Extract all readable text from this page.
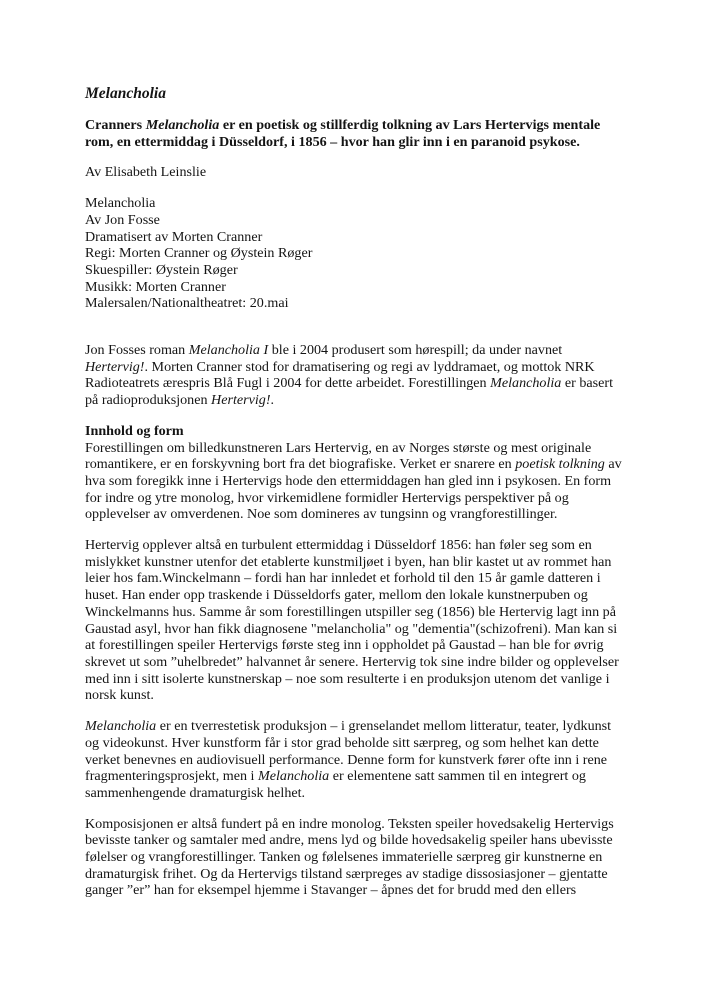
Melancholia

Cranners Melancholia er en poetisk og stillferdig tolkning av Lars Hertervigs mentale rom, en ettermiddag i Düsseldorf, i 1856 – hvor han glir inn i en paranoid psykose.

Av Elisabeth Leinslie

Melancholia
Av Jon Fosse
Dramatisert av Morten Cranner
Regi: Morten Cranner og Øystein Røger
Skuespiller: Øystein Røger
Musikk: Morten Cranner
Malersalen/Nationaltheatret: 20.mai

Jon Fosses roman Melancholia I ble i 2004 produsert som hørespill; da under navnet Hertervig!. Morten Cranner stod for dramatisering og regi av lyddramaet, og mottok NRK Radioteatrets ærespris Blå Fugl i 2004 for dette arbeidet. Forestillingen Melancholia er basert på radioproduksjonen Hertervig!.

Innhold og form

Forestillingen om billedkunstneren Lars Hertervig, en av Norges største og mest originale romantikere, er en forskyvning bort fra det biografiske. Verket er snarere en poetisk tolkning av hva som foregikk inne i Hertervigs hode den ettermiddagen han gled inn i psykosen. En form for indre og ytre monolog, hvor virkemidlene formidler Hertervigs perspektiver på og opplevelser av omverdenen. Noe som domineres av tungsinn og vrangforestillinger.

Hertervig opplever altså en turbulent ettermiddag i Düsseldorf 1856: han føler seg som en mislykket kunstner utenfor det etablerte kunstmiljøet i byen, han blir kastet ut av rommet han leier hos fam.Winckelmann – fordi han har innledet et forhold til den 15 år gamle datteren i huset. Han ender opp traskende i Düsseldorfs gater, mellom den lokale kunstnerpuben og Winckelmanns hus. Samme år som forestillingen utspiller seg (1856) ble Hertervig lagt inn på Gaustad asyl, hvor han fikk diagnosene "melancholia" og "dementia"(schizofreni). Man kan si at forestillingen speiler Hertervigs første steg inn i oppholdet på Gaustad – han ble for øvrig skrevet ut som ”uhelbredet” halvannet år senere. Hertervig tok sine indre bilder og opplevelser med inn i sitt isolerte kunstnerskap – noe som resulterte i en produksjon utenom det vanlige i norsk kunst.

Melancholia er en tverrestetisk produksjon – i grenselandet mellom litteratur, teater, lydkunst og videokunst. Hver kunstform får i stor grad beholde sitt særpreg, og som helhet kan dette verket benevnes en audiovisuell performance. Denne form for kunstverk fører ofte inn i rene fragmenteringsprosjekt, men i Melancholia er elementene satt sammen til en integrert og sammenhengende dramaturgisk helhet.

Komposisjonen er altså fundert på en indre monolog. Teksten speiler hovedsakelig Hertervigs bevisste tanker og samtaler med andre, mens lyd og bilde hovedsakelig speiler hans ubevisste følelser og vrangforestillinger. Tanken og følelsenes immaterielle særpreg gir kunstnerne en dramaturgisk frihet. Og da Hertervigs tilstand særpreges av stadige dissosiasjoner – gjentatte ganger ”er” han for eksempel hjemme i Stavanger – åpnes det for brudd med den ellers
